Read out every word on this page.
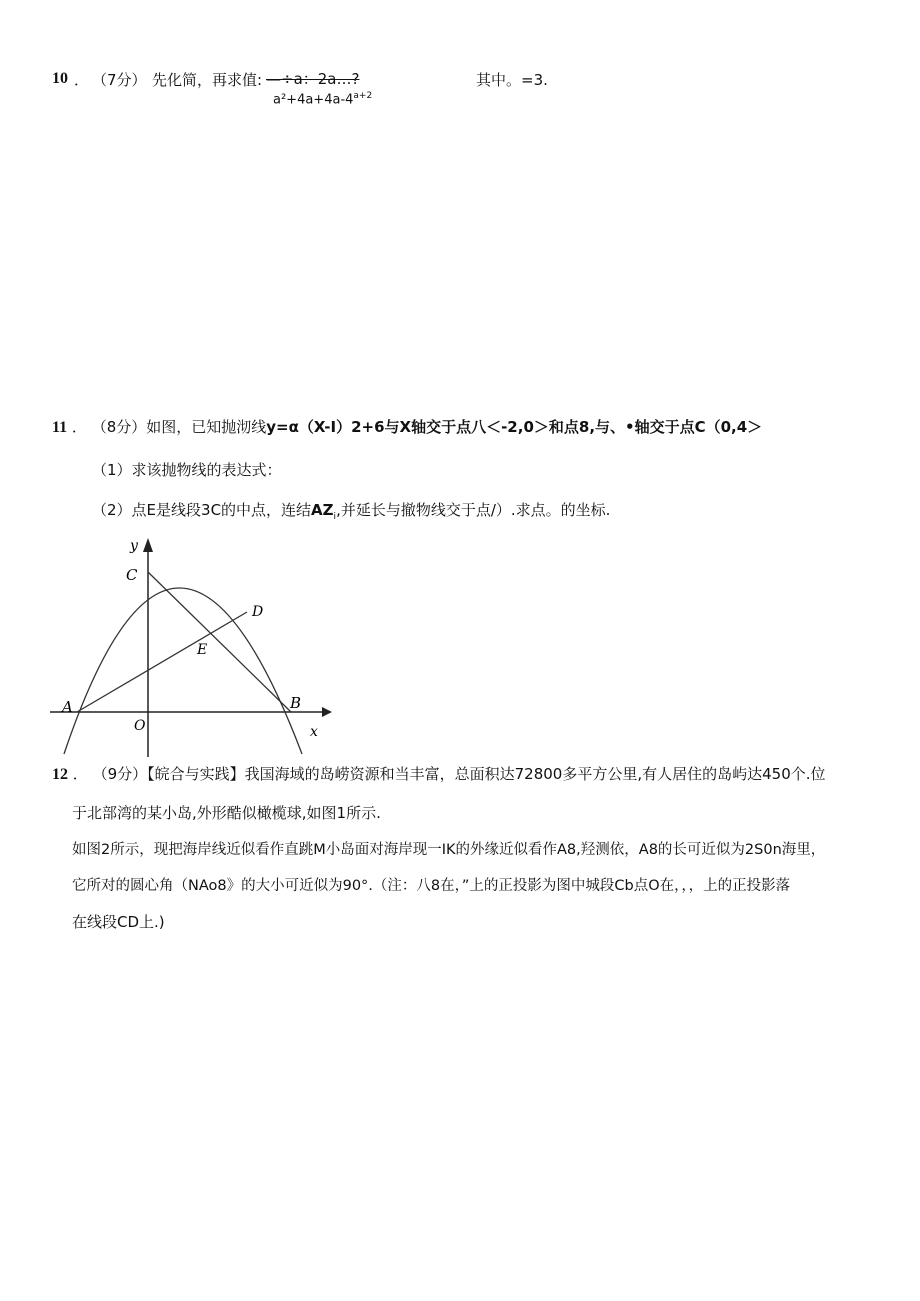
10 ． （7分） 先化简，再求值: —÷a：2a…?
$a^2+4a+4a-4^{a+2}$
其中。=3.
11 ． （8分）如图，已知抛沏线y=α（X-I）2+6与X轴交于点八＜-2,0＞和点8,与、•轴交于点C（0,4＞
（1）求该抛物线的表达式：
（2）点E是线段3C的中点，连结$AZ_i$,并延长与撤物线交于点/）.求点。的坐标.
y
x
C
D
E
A
O
B
12 ． （9分）【皖合与实践】我国海域的岛崂资源和当丰富，总面积达72800多平方公里,有人居住的岛屿达450个.位
于北部湾的某小岛,外形酷似橄榄球,如图1所示.
如图2所示，现把海岸线近似看作直跳M小岛面对海岸现一IK的外缘近似看作A8,羟测依，A8的长可近似为2S0n海里，
它所对的圆心角（NAo8》的大小可近似为90°.（注：八8在，”上的正投影为图中城段Cb点O在，，，上的正投影落
在线段CD上.)
